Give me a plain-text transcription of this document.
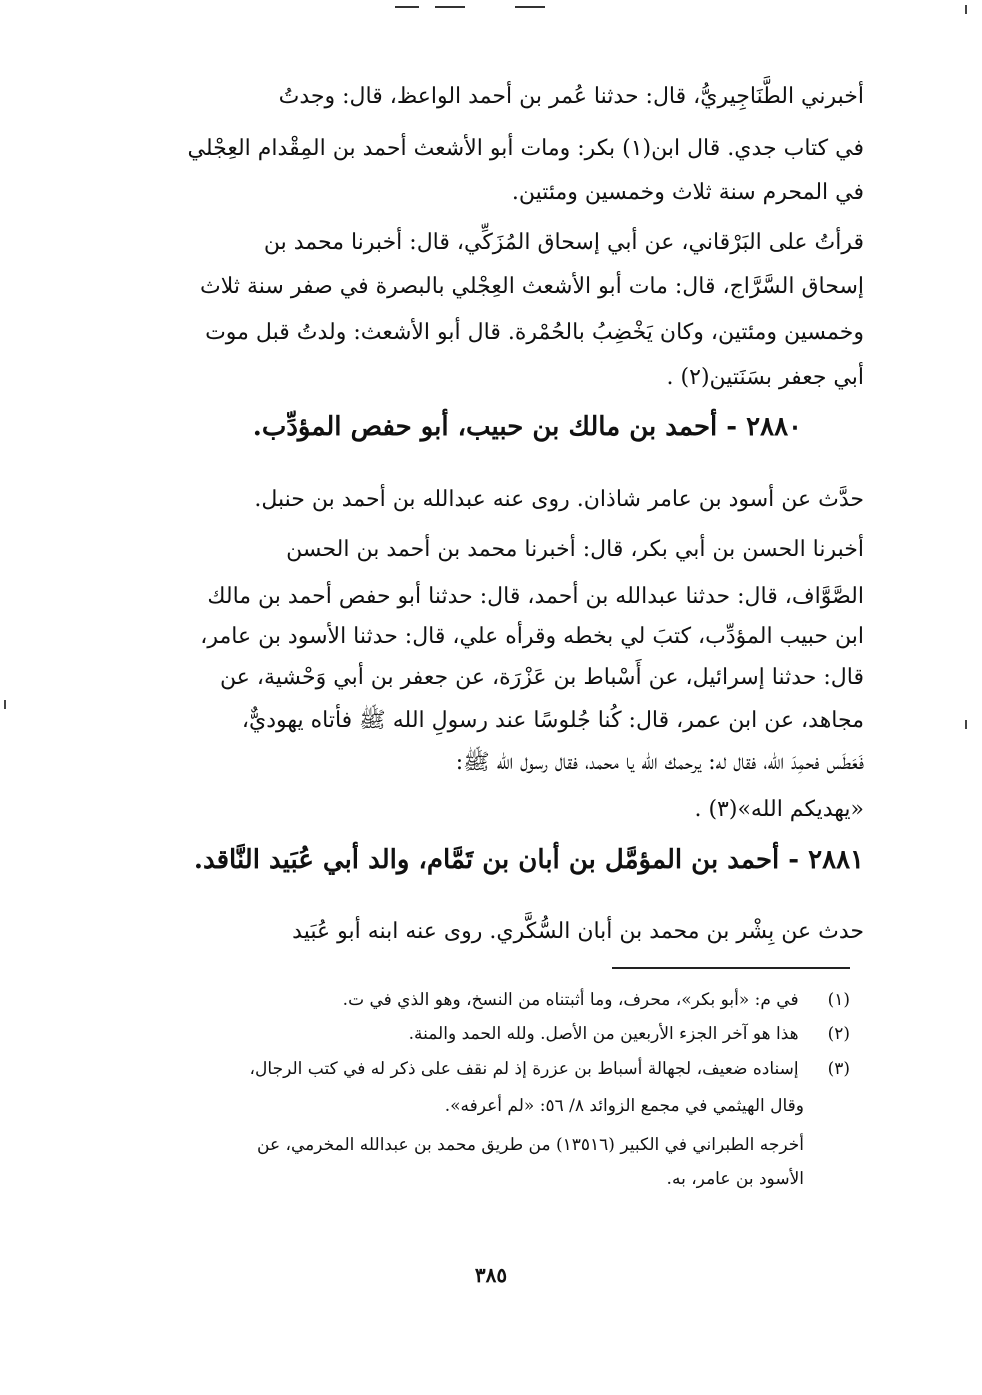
أخبرني الطَّنَاجِيريُّ، قال: حدثنا عُمر بن أحمد الواعظ، قال: وجدتُ
في كتاب جدي. قال ابن(١) بكر: ومات أبو الأشعث أحمد بن المِقْدام العِجْلي
في المحرم سنة ثلاث وخمسين ومئتين.
قرأتُ على البَرْقاني، عن أبي إسحاق المُزَكِّي، قال: أخبرنا محمد بن
إسحاق السَّرَّاج، قال: مات أبو الأشعث العِجْلي بالبصرة في صفر سنة ثلاث
وخمسين ومئتين، وكان يَخْضِبُ بالحُمْرة. قال أبو الأشعث: ولدتُ قبل موت
أبي جعفر بسَنَتين(٢) .
٢٨٨٠ - أحمد بن مالك بن حبيب، أبو حفص المؤدِّب.
حدَّث عن أسود بن عامر شاذان. روى عنه عبدالله بن أحمد بن حنبل.
أخبرنا الحسن بن أبي بكر، قال: أخبرنا محمد بن أحمد بن الحسن
الصَّوَّاف، قال: حدثنا عبدالله بن أحمد، قال: حدثنا أبو حفص أحمد بن مالك
ابن حبيب المؤدِّب، كتبَ لي بخطه وقرأه علي، قال: حدثنا الأسود بن عامر،
قال: حدثنا إسرائيل، عن أَسْباط بن عَزْرَة، عن جعفر بن أبي وَحْشية، عن
مجاهد، عن ابن عمر، قال: كُنا جُلوسًا عند رسولِ الله ﷺ فأتاه يهوديٌّ،
فَعَطَس فحمِدَ الله، فقال له: يرحمك الله يا محمد، فقال رسول الله ﷺ:
«يهديكم الله»(٣) .
٢٨٨١ - أحمد بن المؤمَّل بن أبان بن تَمَّام، والد أبي عُبَيد النَّاقد.
حدث عن بِشْر بن محمد بن أبان السُّكَّري. روى عنه ابنه أبو عُبَيد
(١) في م: «أبو بكر»، محرف، وما أثبتناه من النسخ، وهو الذي في ت.
(٢) هذا هو آخر الجزء الأربعين من الأصل. ولله الحمد والمنة.
(٣) إسناده ضعيف، لجهالة أسباط بن عزرة إذ لم نقف على ذكر له في كتب الرجال،
وقال الهيثمي في مجمع الزوائد ٨/ ٥٦: «لم أعرفه».
أخرجه الطبراني في الكبير (١٣٥١٦) من طريق محمد بن عبدالله المخرمي، عن
الأسود بن عامر، به.
٣٨٥
